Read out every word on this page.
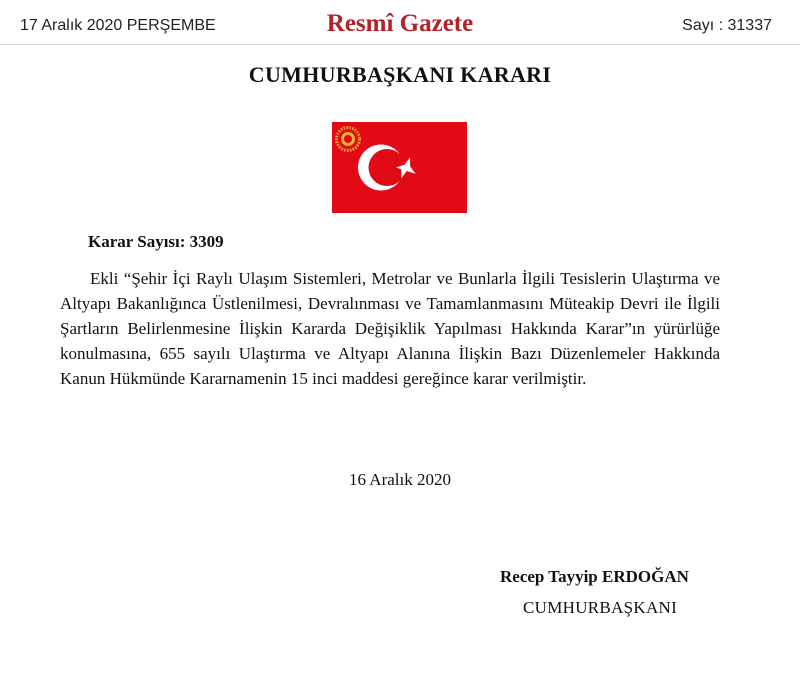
17 Aralık 2020 PERŞEMBE	Resmî Gazete	Sayı : 31337
CUMHURBAŞKANI KARARI
Karar Sayısı: 3309

Ekli “Şehir İçi Raylı Ulaşım Sistemleri, Metrolar ve Bunlarla İlgili Tesislerin Ulaştırma ve Altyapı Bakanlığınca Üstlenilmesi, Devralınması ve Tamamlanmasını Müteakip Devri ile İlgili Şartların Belirlenmesine İlişkin Kararda Değişiklik Yapılması Hakkında Karar”ın yürürlüğe konulmasına, 655 sayılı Ulaştırma ve Altyapı Alanına İlişkin Bazı Düzenlemeler Hakkında Kanun Hükmünde Kararnamenin 15 inci maddesi gereğince karar verilmiştir.

16 Aralık 2020
Recep Tayyip ERDOĞAN
CUMHURBAŞKANI
